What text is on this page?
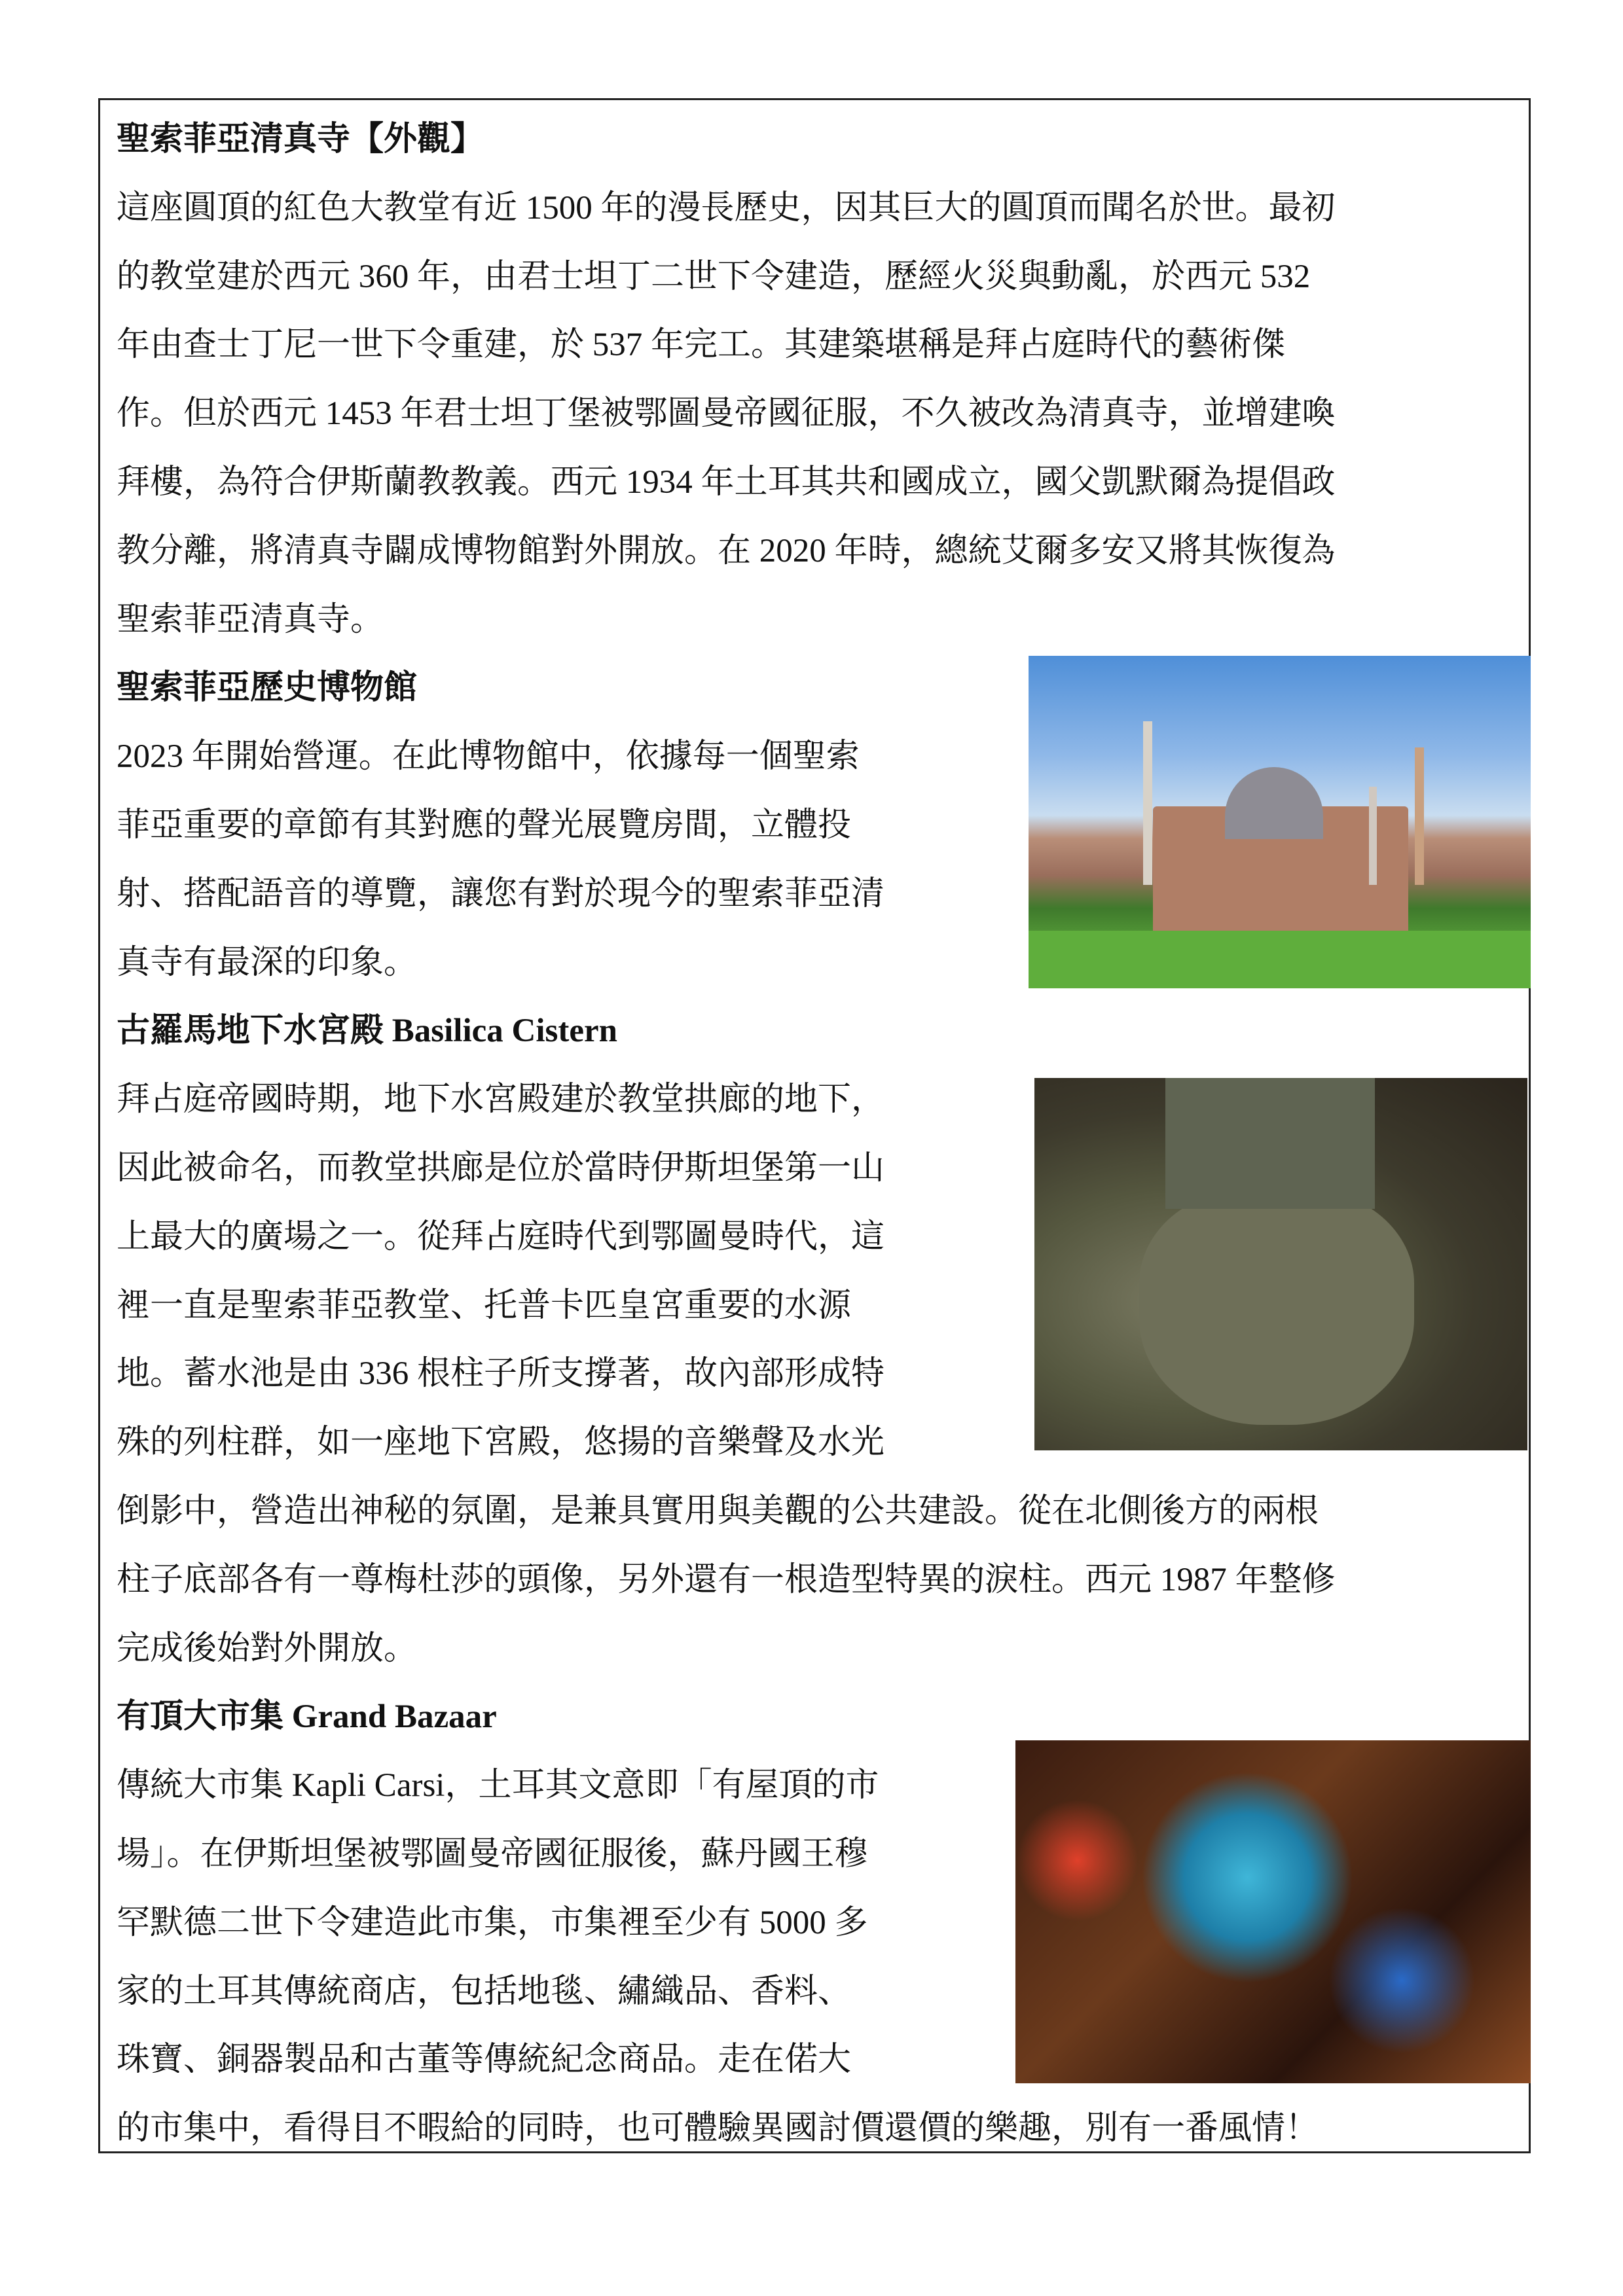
聖索菲亞清真寺【外觀】
這座圓頂的紅色大教堂有近 1500 年的漫長歷史，因其巨大的圓頂而聞名於世。最初
的教堂建於西元 360 年，由君士坦丁二世下令建造，歷經火災與動亂，於西元 532
年由查士丁尼一世下令重建，於 537 年完工。其建築堪稱是拜占庭時代的藝術傑
作。但於西元 1453 年君士坦丁堡被鄂圖曼帝國征服，不久被改為清真寺，並增建喚
拜樓，為符合伊斯蘭教教義。西元 1934 年土耳其共和國成立，國父凱默爾為提倡政
教分離，將清真寺闢成博物館對外開放。在 2020 年時，總統艾爾多安又將其恢復為
聖索菲亞清真寺。
聖索菲亞歷史博物館
2023 年開始營運。在此博物館中，依據每一個聖索
菲亞重要的章節有其對應的聲光展覽房間，立體投
射、搭配語音的導覽，讓您有對於現今的聖索菲亞清
真寺有最深的印象。
古羅馬地下水宮殿 Basilica Cistern
拜占庭帝國時期，地下水宮殿建於教堂拱廊的地下，
因此被命名，而教堂拱廊是位於當時伊斯坦堡第一山
上最大的廣場之一。從拜占庭時代到鄂圖曼時代，這
裡一直是聖索菲亞教堂、托普卡匹皇宮重要的水源
地。蓄水池是由 336 根柱子所支撐著，故內部形成特
殊的列柱群，如一座地下宮殿，悠揚的音樂聲及水光
倒影中，營造出神秘的氛圍，是兼具實用與美觀的公共建設。從在北側後方的兩根
柱子底部各有一尊梅杜莎的頭像，另外還有一根造型特異的淚柱。西元 1987 年整修
完成後始對外開放。
有頂大市集 Grand Bazaar
傳統大市集 Kapli Carsi，土耳其文意即「有屋頂的市
場」。在伊斯坦堡被鄂圖曼帝國征服後，蘇丹國王穆
罕默德二世下令建造此市集，市集裡至少有 5000 多
家的土耳其傳統商店，包括地毯、繡織品、香料、
珠寶、銅器製品和古董等傳統紀念商品。走在偌大
的市集中，看得目不暇給的同時，也可體驗異國討價還價的樂趣，別有一番風情！
